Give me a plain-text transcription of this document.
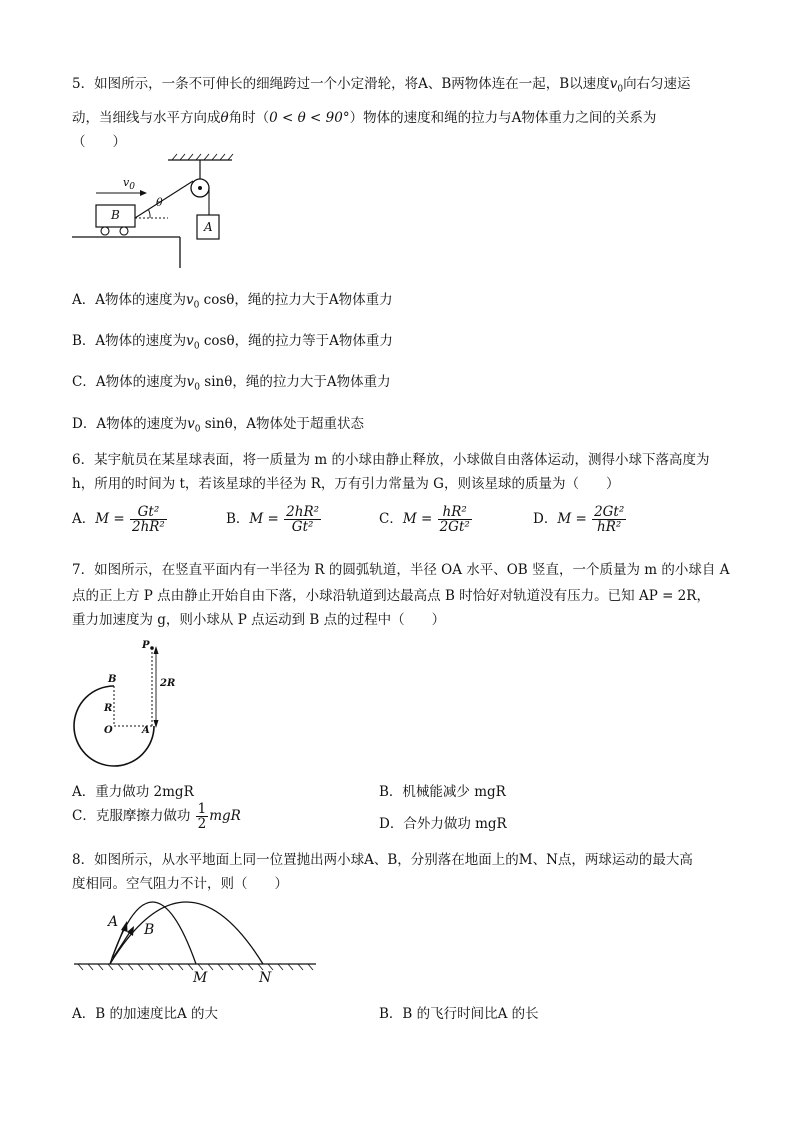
5．如图所示，一条不可伸长的细绳跨过一个小定滑轮，将A、B两物体连在一起，B以速度$v_0$向右匀速运
动，当细线与水平方向成θ角时（0 < θ < 90°）物体的速度和绳的拉力与A物体重力之间的关系为
（　　）
$v_0$
B
A
θ
A．A物体的速度为$v_0$ cosθ，绳的拉力大于A物体重力
B．A物体的速度为$v_0$ cosθ，绳的拉力等于A物体重力
C．A物体的速度为$v_0$ sinθ，绳的拉力大于A物体重力
D．A物体的速度为$v_0$ sinθ，A物体处于超重状态
6．某宇航员在某星球表面，将一质量为 m 的小球由静止释放，小球做自由落体运动，测得小球下落高度为
h，所用的时间为 t，若该星球的半径为 R，万有引力常量为 G，则该星球的质量为（　　）
A．$M = \frac{\text{Gt²}}{\text{2hR²}}$	B．$M = \frac{\text{2hR²}}{\text{Gt²}}$	C．$M = \frac{\text{hR²}}{\text{2Gt²}}$	D．$M = \frac{\text{2Gt²}}{\text{hR²}}$
7．如图所示，在竖直平面内有一半径为 R 的圆弧轨道，半径 OA 水平、OB 竖直，一个质量为 m 的小球自 A
点的正上方 P 点由静止开始自由下落，小球沿轨道到达最高点 B 时恰好对轨道没有压力。已知 AP = 2R，
重力加速度为 g，则小球从 P 点运动到 B 点的过程中（　　）
P
B
R
O	A
2R
A．重力做功 2mgR	B．机械能减少 mgR
C．克服摩擦力做功 $\frac{1}{2}$ mgR	D．合外力做功 mgR
8．如图所示，从水平地面上同一位置抛出两小球A、B，分别落在地面上的M、N点，两球运动的最大高
度相同。空气阻力不计，则（　　）
A B
M	N
A．B 的加速度比A 的大	B．B 的飞行时间比A 的长
